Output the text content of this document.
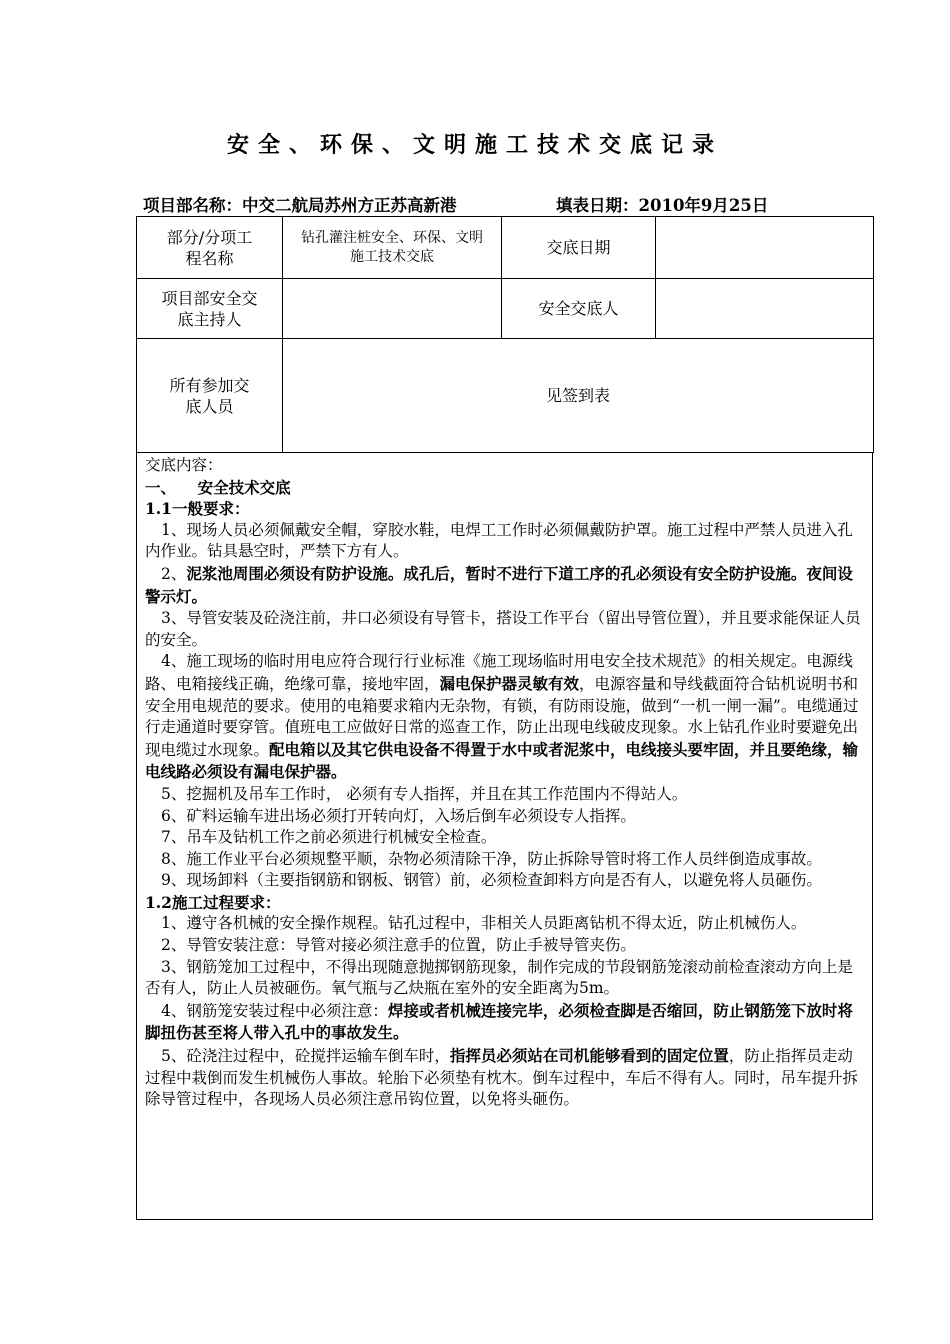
安全、环保、文明施工技术交底记录
项目部名称：中交二航局苏州方正苏高新港	填表日期：2010年9月25日
部分/分项工程名称	钻孔灌注桩安全、环保、文明施工技术交底	交底日期	

项目部安全交底主持人		安全交底人	

所有参加交底人员	见签到表		

交底内容：

一、    安全技术交底

1.1一般要求：

1、现场人员必须佩戴安全帽，穿胶水鞋，电焊工工作时必须佩戴防护罩。施工过程中严禁人员进入孔内作业。钻具悬空时，严禁下方有人。

2、泥浆池周围必须设有防护设施。成孔后，暂时不进行下道工序的孔必须设有安全防护设施。夜间设警示灯。

3、导管安装及砼浇注前，井口必须设有导管卡，搭设工作平台（留出导管位置），并且要求能保证人员的安全。

4、施工现场的临时用电应符合现行行业标准《施工现场临时用电安全技术规范》的相关规定。电源线路、电箱接线正确，绝缘可靠，接地牢固，漏电保护器灵敏有效，电源容量和导线截面符合钻机说明书和安全用电规范的要求。使用的电箱要求箱内无杂物，有锁，有防雨设施，做到“一机一闸一漏”。电缆通过行走通道时要穿管。值班电工应做好日常的巡查工作，防止出现电线破皮现象。水上钻孔作业时要避免出现电缆过水现象。配电箱以及其它供电设备不得置于水中或者泥浆中，电线接头要牢固，并且要绝缘，输电线路必须设有漏电保护器。

5、挖掘机及吊车工作时， 必须有专人指挥，并且在其工作范围内不得站人。

6、矿料运输车进出场必须打开转向灯，入场后倒车必须设专人指挥。

7、吊车及钻机工作之前必须进行机械安全检查。

8、施工作业平台必须规整平顺，杂物必须清除干净，防止拆除导管时将工作人员绊倒造成事故。

9、现场卸料（主要指钢筋和钢板、钢管）前，必须检查卸料方向是否有人，以避免将人员砸伤。

1.2施工过程要求：

1、遵守各机械的安全操作规程。钻孔过程中，非相关人员距离钻机不得太近，防止机械伤人。

2、导管安装注意：导管对接必须注意手的位置，防止手被导管夹伤。

3、钢筋笼加工过程中，不得出现随意抛掷钢筋现象，制作完成的节段钢筋笼滚动前检查滚动方向上是否有人，防止人员被砸伤。氧气瓶与乙炔瓶在室外的安全距离为5m。

4、钢筋笼安装过程中必须注意：焊接或者机械连接完毕，必须检查脚是否缩回，防止钢筋笼下放时将脚扭伤甚至将人带入孔中的事故发生。

5、砼浇注过程中，砼搅拌运输车倒车时，指挥员必须站在司机能够看到的固定位置，防止指挥员走动过程中栽倒而发生机械伤人事故。轮胎下必须垫有枕木。倒车过程中，车后不得有人。同时，吊车提升拆除导管过程中，各现场人员必须注意吊钩位置，以免将头砸伤。
